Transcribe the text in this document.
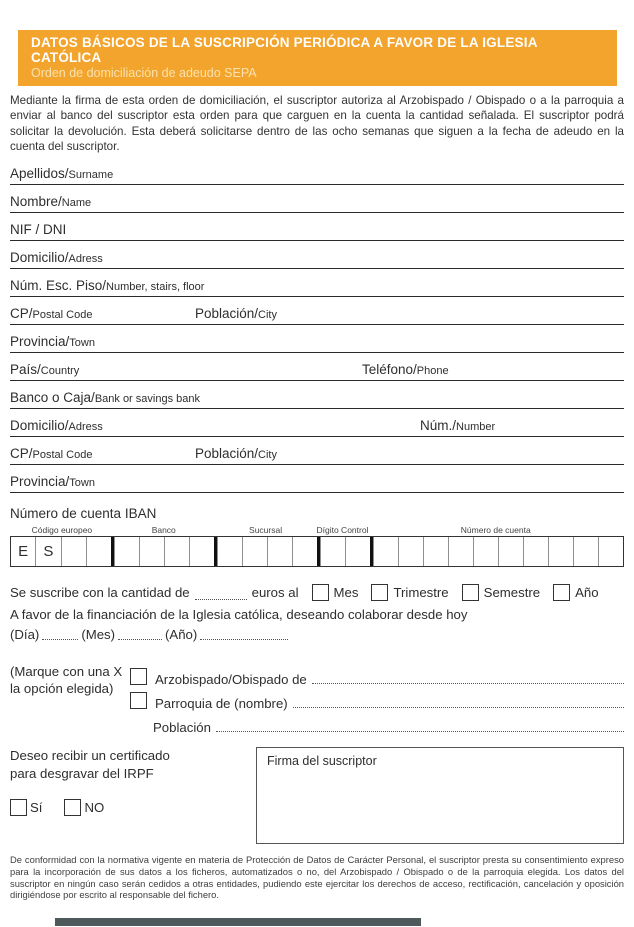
DATOS BÁSICOS DE LA SUSCRIPCIÓN PERIÓDICA A FAVOR DE LA IGLESIA CATÓLICA
Orden de domiciliación de adeudo SEPA

Mediante la firma de esta orden de domiciliación, el suscriptor autoriza al Arzobispado / Obispado o a la parroquia a enviar al banco del suscriptor esta orden para que carguen en la cuenta la cantidad señalada. El suscriptor podrá solicitar la devolución. Esta deberá solicitarse dentro de las ocho semanas que siguen a la fecha de adeudo en la cuenta del suscriptor.

Apellidos/Surname
Nombre/Name
NIF / DNI
Domicilio/Adress
Núm. Esc. Piso/Number, stairs, floor
CP/Postal Code	Población/City
Provincia/Town
País/Country	Teléfono/Phone
Banco o Caja/Bank or savings bank
Domicilio/Adress	Núm./Number
CP/Postal Code	Población/City
Provincia/Town
Número de cuenta IBAN
Código europeo	Banco	Sucursal	Dígito Control	Número de cuenta
E	S
Se suscribe con la cantidad de	euros al	Mes	Trimestre	Semestre	Año
A favor de la financiación de la Iglesia católica, deseando colaborar desde hoy
(Día)	(Mes)	(Año)
(Marque con una X
la opción elegida)
Arzobispado/Obispado de
Parroquia de (nombre)
Población
Deseo recibir un certificado
para desgravar del IRPF
Sí	NO
Firma del suscriptor

De conformidad con la normativa vigente en materia de Protección de Datos de Carácter Personal, el suscriptor presta su consentimiento expreso para la incorporación de sus datos a los ficheros, automatizados o no, del Arzobispado / Obispado o de la parroquia elegida. Los datos del suscriptor en ningún caso serán cedidos a otras entidades, pudiendo este ejercitar los derechos de acceso, rectificación, cancelación y oposición dirigiéndose por escrito al responsable del fichero.
